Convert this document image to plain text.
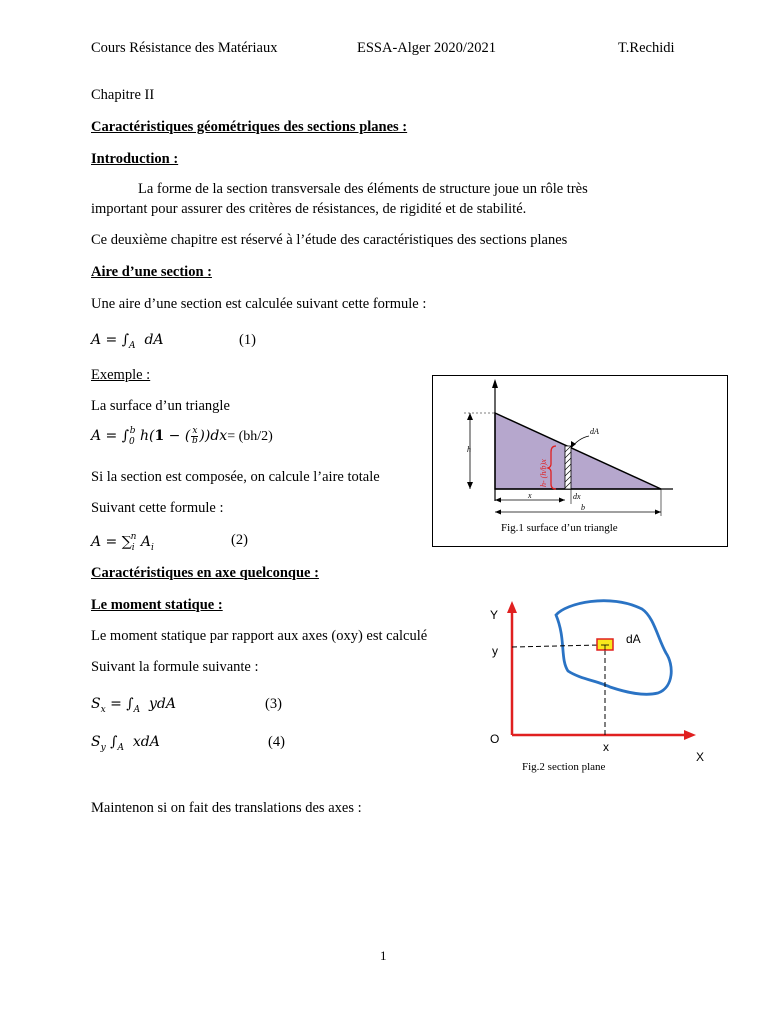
Cours Résistance des Matériaux	ESSA-Alger 2020/2021	T.Rechidi
Chapitre II
Caractéristiques géométriques des sections planes :
Introduction :
La forme de la section transversale des éléments de structure joue un rôle très
important pour assurer des critères de résistances, de rigidité et de stabilité.
Ce deuxième chapitre est réservé à l’étude des caractéristiques des sections planes
Aire d’une section :
Une aire d’une section est calculée suivant cette formule :
$A = \int_A$  dA	(1)
Exemple :
La surface d’un triangle
$A = \int_0^b$ h(1 − ( $\frac{x}{b} ))dx= (bh/2)$
Si la section est composée, on calcule l’aire totale
Suivant cette formule :
$A = \sum_i^n$ $A_i$	(2)
h
dA
h- (h/b)x
x	dx
b
Fig.1 surface d’un triangle
Caractéristiques en axe quelconque :
Le moment statique :
Le moment statique par rapport aux axes (oxy) est calculé
Suivant la formule suivante :
$S_x = \int_A$  ydA	(3)
$S_y$ $\int_A$  xdA	(4)
Y
y
O
x
X
dA
Fig.2 section plane
Maintenon si on fait des translations des axes :
1
